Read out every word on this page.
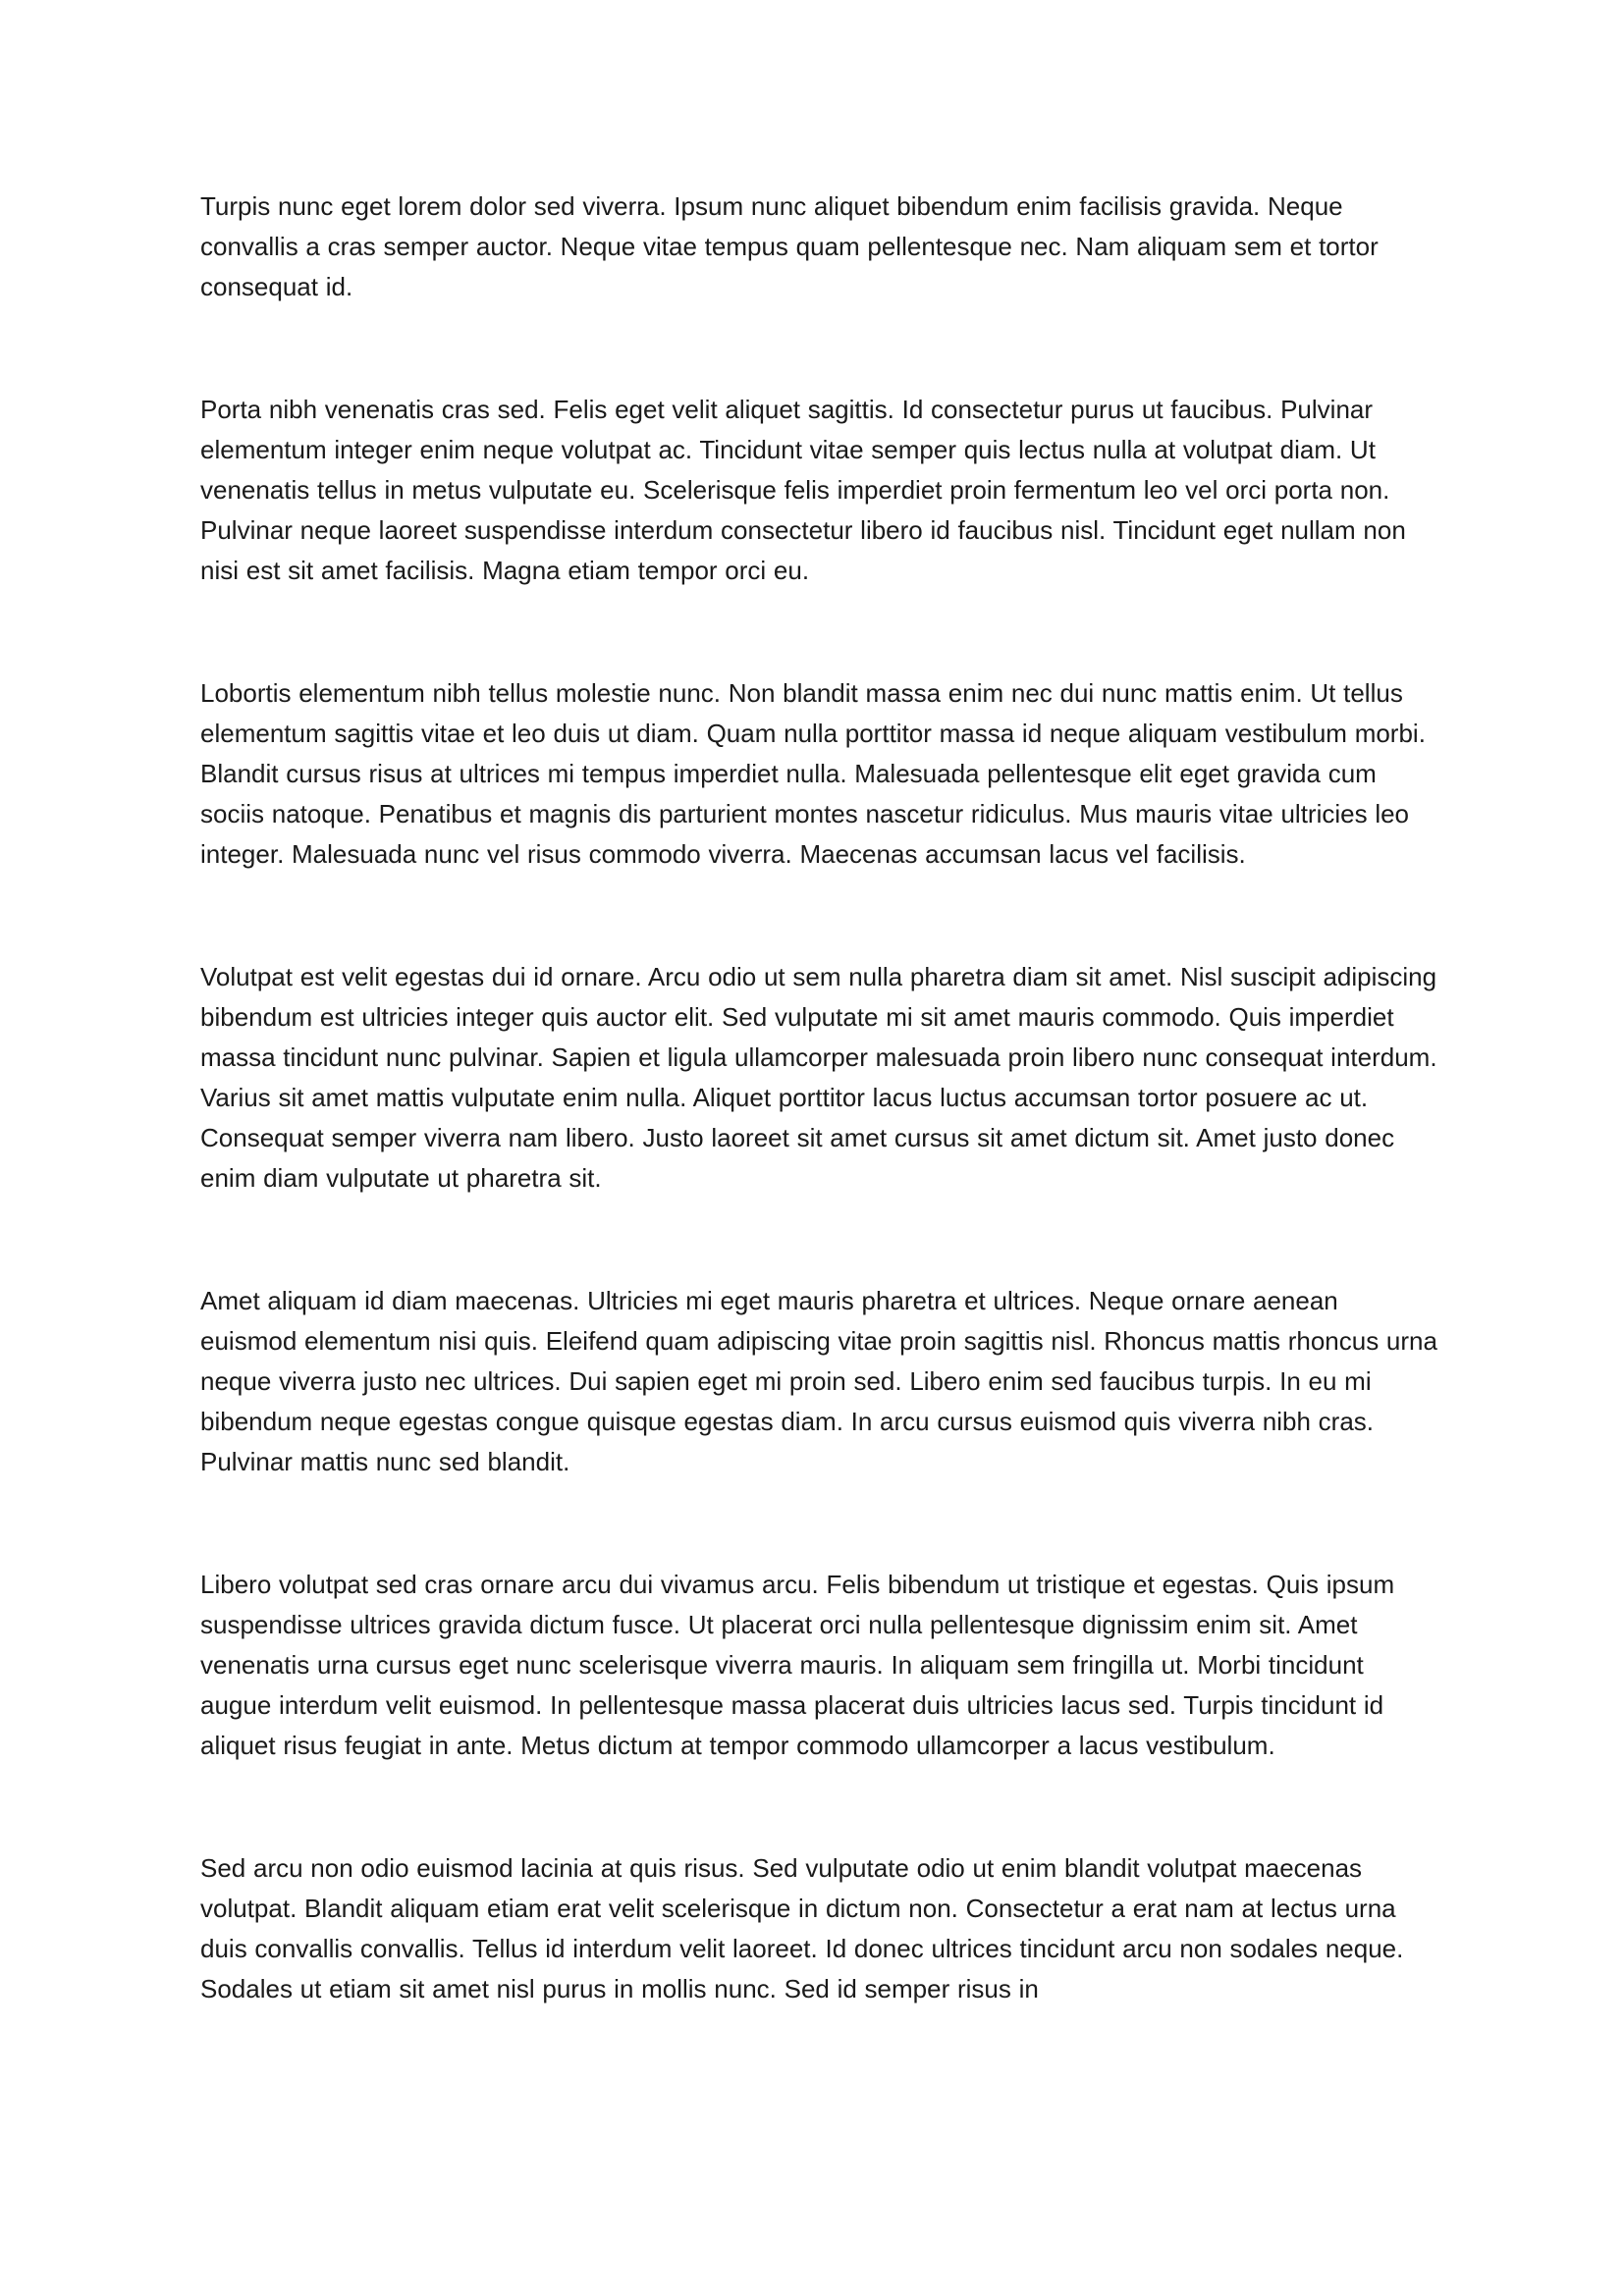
Turpis nunc eget lorem dolor sed viverra. Ipsum nunc aliquet bibendum enim facilisis gravida. Neque convallis a cras semper auctor. Neque vitae tempus quam pellentesque nec. Nam aliquam sem et tortor consequat id.

Porta nibh venenatis cras sed. Felis eget velit aliquet sagittis. Id consectetur purus ut faucibus. Pulvinar elementum integer enim neque volutpat ac. Tincidunt vitae semper quis lectus nulla at volutpat diam. Ut venenatis tellus in metus vulputate eu. Scelerisque felis imperdiet proin fermentum leo vel orci porta non. Pulvinar neque laoreet suspendisse interdum consectetur libero id faucibus nisl. Tincidunt eget nullam non nisi est sit amet facilisis. Magna etiam tempor orci eu.

Lobortis elementum nibh tellus molestie nunc. Non blandit massa enim nec dui nunc mattis enim. Ut tellus elementum sagittis vitae et leo duis ut diam. Quam nulla porttitor massa id neque aliquam vestibulum morbi. Blandit cursus risus at ultrices mi tempus imperdiet nulla. Malesuada pellentesque elit eget gravida cum sociis natoque. Penatibus et magnis dis parturient montes nascetur ridiculus. Mus mauris vitae ultricies leo integer. Malesuada nunc vel risus commodo viverra. Maecenas accumsan lacus vel facilisis.

Volutpat est velit egestas dui id ornare. Arcu odio ut sem nulla pharetra diam sit amet. Nisl suscipit adipiscing bibendum est ultricies integer quis auctor elit. Sed vulputate mi sit amet mauris commodo. Quis imperdiet massa tincidunt nunc pulvinar. Sapien et ligula ullamcorper malesuada proin libero nunc consequat interdum. Varius sit amet mattis vulputate enim nulla. Aliquet porttitor lacus luctus accumsan tortor posuere ac ut. Consequat semper viverra nam libero. Justo laoreet sit amet cursus sit amet dictum sit. Amet justo donec enim diam vulputate ut pharetra sit.

Amet aliquam id diam maecenas. Ultricies mi eget mauris pharetra et ultrices. Neque ornare aenean euismod elementum nisi quis. Eleifend quam adipiscing vitae proin sagittis nisl. Rhoncus mattis rhoncus urna neque viverra justo nec ultrices. Dui sapien eget mi proin sed. Libero enim sed faucibus turpis. In eu mi bibendum neque egestas congue quisque egestas diam. In arcu cursus euismod quis viverra nibh cras. Pulvinar mattis nunc sed blandit.

Libero volutpat sed cras ornare arcu dui vivamus arcu. Felis bibendum ut tristique et egestas. Quis ipsum suspendisse ultrices gravida dictum fusce. Ut placerat orci nulla pellentesque dignissim enim sit. Amet venenatis urna cursus eget nunc scelerisque viverra mauris. In aliquam sem fringilla ut. Morbi tincidunt augue interdum velit euismod. In pellentesque massa placerat duis ultricies lacus sed. Turpis tincidunt id aliquet risus feugiat in ante. Metus dictum at tempor commodo ullamcorper a lacus vestibulum.

Sed arcu non odio euismod lacinia at quis risus. Sed vulputate odio ut enim blandit volutpat maecenas volutpat. Blandit aliquam etiam erat velit scelerisque in dictum non. Consectetur a erat nam at lectus urna duis convallis convallis. Tellus id interdum velit laoreet. Id donec ultrices tincidunt arcu non sodales neque. Sodales ut etiam sit amet nisl purus in mollis nunc. Sed id semper risus in
